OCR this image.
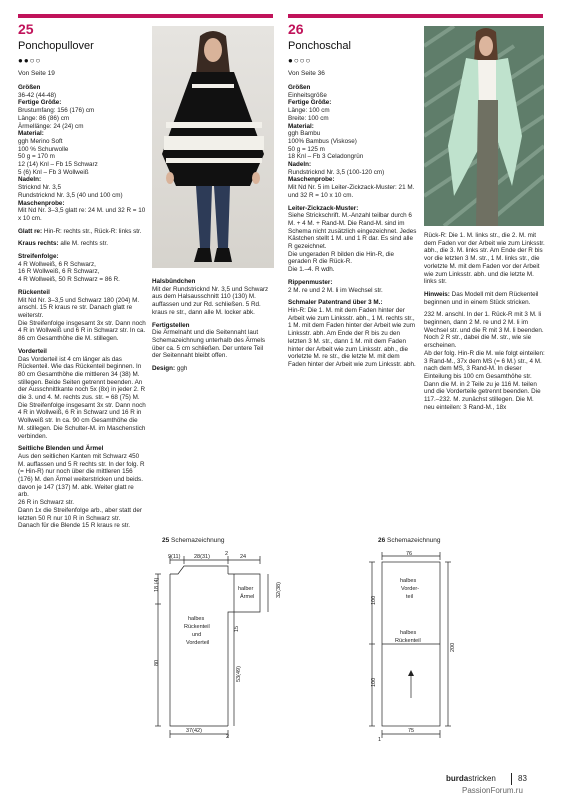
25
Ponchopullover
●●○○
Von Seite 19

Größen

36-42 (44-48)

Fertige Größe:

Brustumfang: 156 (176) cm

Länge: 86 (86) cm

Ärmellänge: 24 (24) cm

Material:

ggh Merino Soft

100 % Schurwolle

50 g = 170 m

12 (14) Knl – Fb 15 Schwarz

5 (6) Knl – Fb 3 Wollweiß

Nadeln:

Stricknd Nr. 3,5

Rundstricknd Nr. 3,5 (40 und 100 cm)

Maschenprobe:

Mit Nd Nr. 3–3,5 glatt re: 24 M. und 32 R = 10 x 10 cm.

Glatt re: Hin-R: rechts str., Rück-R: links str.

Kraus rechts: alle M. rechts str.

Streifenfolge:

4 R Wollweiß, 6 R Schwarz,

16 R Wollweiß, 6 R Schwarz,

4 R Wollweiß, 50 R Schwarz = 86 R.

Rückenteil

Mit Nd Nr. 3–3,5 und Schwarz 180 (204) M. anschl. 15 R kraus re str. Danach glatt re weiterstr.

Die Streifenfolge insgesamt 3x str. Dann noch 4 R in Wollweiß und 6 R in Schwarz str. In ca. 86 cm Gesamthöhe die M. stillegen.

Vorderteil

Das Vorderteil ist 4 cm länger als das Rückenteil. Wie das Rückenteil beginnen. In 80 cm Gesamthöhe die mittleren 34 (38) M. stillegen. Beide Seiten getrennt beenden. An der Ausschnittkante noch 5x (8x) in jeder 2. R die 3. und 4. M. rechts zus. str. = 68 (75) M.

Die Streifenfolge insgesamt 3x str. Dann noch 4 R in Wollweiß, 6 R in Schwarz und 16 R in Wollweiß str. In ca. 90 cm Gesamthöhe die M. stillegen. Die Schulter-M. im Maschenstich verbinden.

Seitliche Blenden und Ärmel

Aus den seitlichen Kanten mit Schwarz 450 M. auffassen und 5 R rechts str. In der folg. R (= Hin-R) nur noch über die mittleren 156 (176) M. den Ärmel weiterstricken und beids. davon je 147 (137) M. abk. Weiter glatt re arb.

26 R in Schwarz str.

Dann 1x die Streifenfolge arb., aber statt der letzten 50 R nur 10 R in Schwarz str.

Danach für die Blende 15 R kraus re str.

Halsbündchen

Mit der Rundstricknd Nr. 3,5 und Schwarz aus dem Halsausschnitt 110 (130) M. auffassen und zur Rd. schließen. 5 Rd. kraus re str., dann alle M. locker abk.

Fertigstellen

Die Ärmelnaht und die Seitennaht laut Schemazeichnung unterhalb des Ärmels über ca. 5 cm schließen. Der untere Teil der Seitennaht bleibt offen.

Design: ggh

26
Ponchoschal
●○○○
Von Seite 36

Größen

Einheitsgröße

Fertige Größe:

Länge: 100 cm

Breite: 100 cm

Material:

ggh Bambu

100% Bambus (Viskose)

50 g = 125 m

18 Knl – Fb 3 Celadongrün

Nadeln:

Rundstricknd Nr. 3,5 (100-120 cm)

Maschenprobe:

Mit Nd Nr. 5 im Leiter-Zickzack-Muster: 21 M. und 32 R = 10 x 10 cm.

Leiter-Zickzack-Muster:

Siehe Strickschrift. M.-Anzahl teilbar durch 6 M. + 4 M. + Rand-M. Die Rand-M. sind im Schema nicht zusätzlich eingezeichnet. Jedes Kästchen stellt 1 M. und 1 R dar. Es sind alle R gezeichnet.

Die ungeraden R bilden die Hin-R, die geraden R die Rück-R.

Die 1.–4. R wdh.

Rippenmuster:

2 M. re und 2 M. li im Wechsel str.

Schmaler Patentrand über 3 M.:

Hin-R: Die 1. M. mit dem Faden hinter der Arbeit wie zum Linksstr. abh., 1 M. rechts str., 1 M. mit dem Faden hinter der Arbeit wie zum Linksstr. abh. Am Ende der R bis zu den letzten 3 M. str., dann 1 M. mit dem Faden hinter der Arbeit wie zum Linksstr. abh., die vorletzte M. re str., die letzte M. mit dem Faden hinter der Arbeit wie zum Linksstr. abh.

Rück-R: Die 1. M. links str., die 2. M. mit dem Faden vor der Arbeit wie zum Linksstr. abh., die 3. M. links str. Am Ende der R bis vor die letzten 3 M. str., 1 M. links str., die vorletzte M. mit dem Faden vor der Arbeit wie zum Linksstr. abh. und die letzte M. links str.

Hinweis: Das Modell mit dem Rückenteil beginnen und in einem Stück stricken.

232 M. anschl. In der 1. Rück-R mit 3 M. li beginnen, dann 2 M. re und 2 M. li im Wechsel str. und die R mit 3 M. li beenden.

Noch 2 R str., dabei die M. str., wie sie erscheinen.

Ab der folg. Hin-R die M. wie folgt einteilen: 3 Rand-M., 37x dem MS (= 6 M.) str., 4 M. nach dem MS, 3 Rand-M. In dieser Einteilung bis 100 cm Gesamthöhe str. Dann die M. in 2 Teile zu je 116 M. teilen und die Vorderteile getrennt beenden. Die 117.–232. M. zunächst stillegen. Die M. neu einteilen: 3 Rand-M., 18x

25 Schemazeichnung
9(11) 28(31)	2 24
18 (4)
80
halbes
Rückenteil
und
Vorderteil
halber
Ärmel	32(38)
15
53(49)
37(42)
2
26 Schemazeichnung
76
halbes
Vorder-
teil
halbes
Rückenteil
100
100
200
1
75
burdastricken	83
PassionForum.ru
